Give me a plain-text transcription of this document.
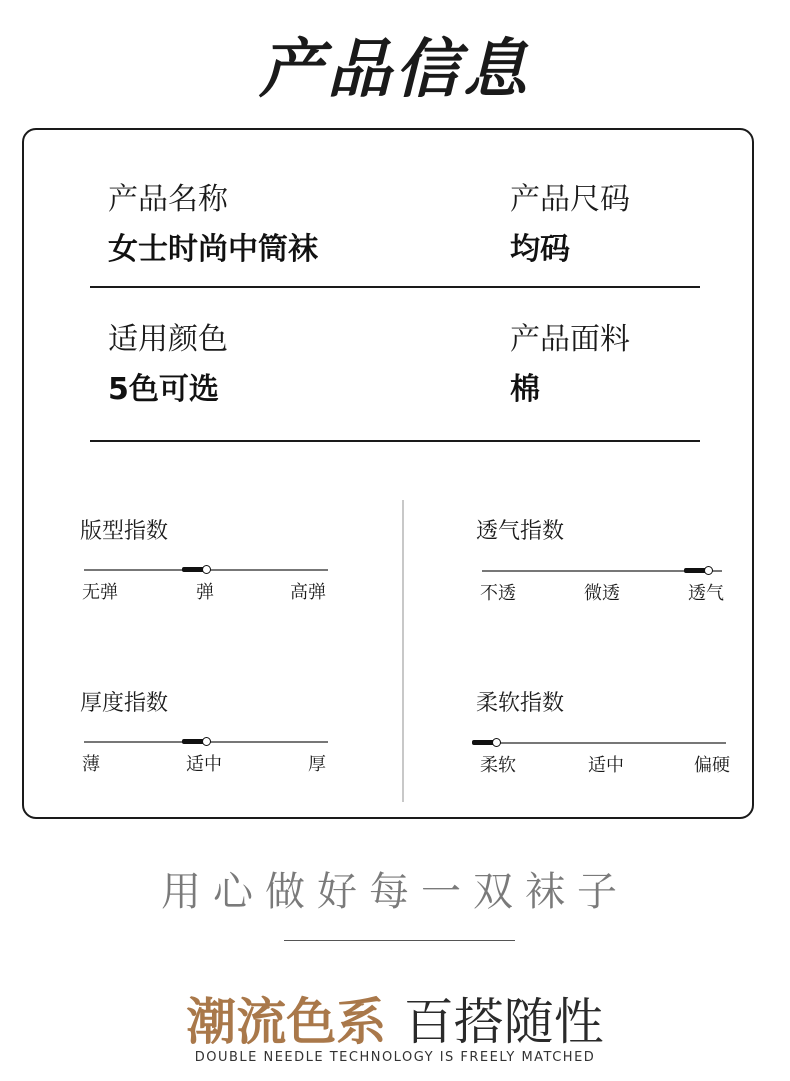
产品信息
产品名称
女士时尚中筒袜
产品尺码
均码
适用颜色
5色可选
产品面料
棉
版型指数
无弹	弹	高弹
透气指数
不透	微透	透气
厚度指数
薄	适中	厚
柔软指数
柔软	适中	偏硬
用心做好每一双袜子
潮流色系 百搭随性
DOUBLE NEEDLE TECHNOLOGY IS FREELY MATCHED
